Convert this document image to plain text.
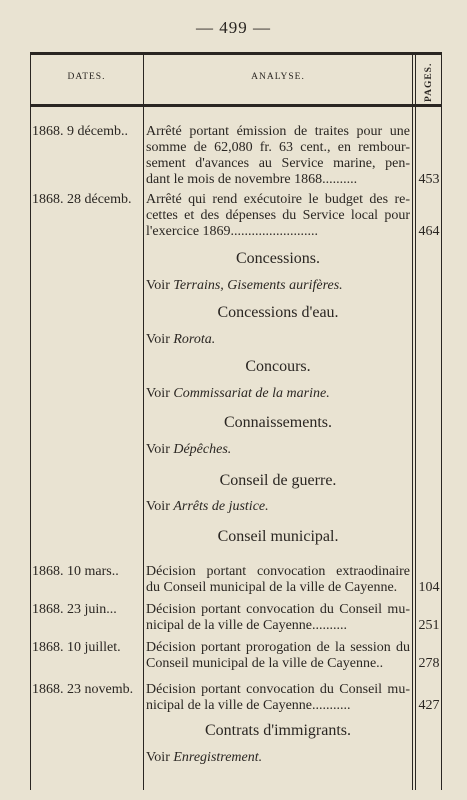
— 499 —
DATES.	ANALYSE.	PAGES.
1868. 9 décemb..	Arrêté portant émission de traites pour une
somme de 62,080 fr. 63 cent., en rembour-
sement d'avances au Service marine, pen-
dant le mois de novembre 1868..........	453
1868. 28 décemb.	Arrêté qui rend exécutoire le budget des re-
cettes et des dépenses du Service local pour
l'exercice 1869.........................	464
Concessions.
Voir Terrains, Gisements aurifères.
Concessions d'eau.
Voir Rorota.
Concours.
Voir Commissariat de la marine.
Connaissements.
Voir Dépêches.
Conseil de guerre.
Voir Arrêts de justice.
Conseil municipal.
1868. 10 mars..	Décision portant convocation extraodinaire
du Conseil municipal de la ville de Cayenne.	104
1868. 23 juin...	Décision portant convocation du Conseil mu-
nicipal de la ville de Cayenne..........	251
1868. 10 juillet.	Décision portant prorogation de la session du
Conseil municipal de la ville de Cayenne..	278
1868. 23 novemb. Décision portant convocation du Conseil mu-
nicipal de la ville de Cayenne...........	427
Contrats d'immigrants.
Voir Enregistrement.
